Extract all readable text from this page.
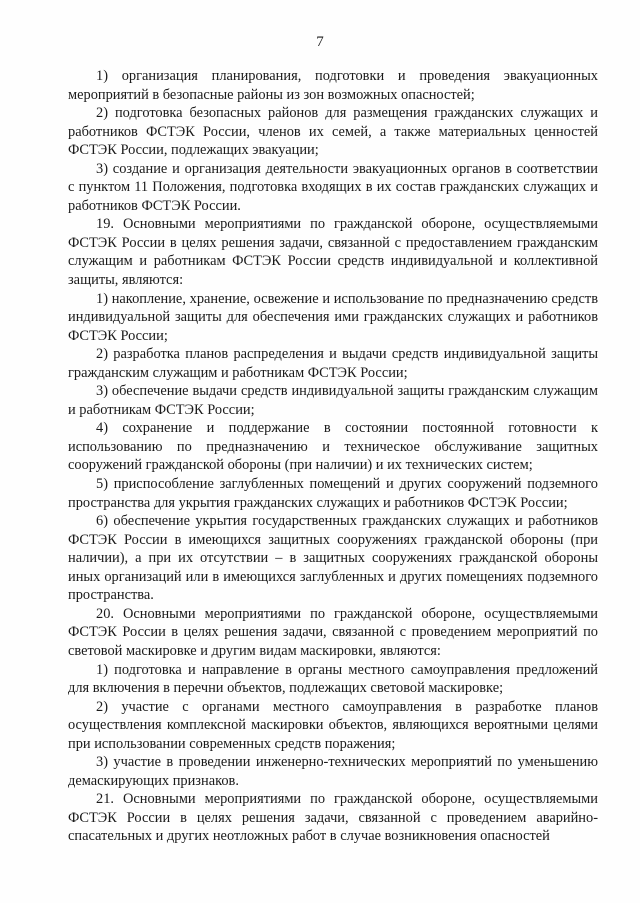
7

1) организация планирования, подготовки и проведения эвакуационных мероприятий в безопасные районы из зон возможных опасностей;

2) подготовка безопасных районов для размещения гражданских служащих и работников ФСТЭК России, членов их семей, а также материальных ценностей ФСТЭК России, подлежащих эвакуации;

3) создание и организация деятельности эвакуационных органов в соответствии с пунктом 11 Положения, подготовка входящих в их состав гражданских служащих и работников ФСТЭК России.

19. Основными мероприятиями по гражданской обороне, осуществляемыми ФСТЭК России в целях решения задачи, связанной с предоставлением гражданским служащим и работникам ФСТЭК России средств индивидуальной и коллективной защиты, являются:

1) накопление, хранение, освежение и использование по предназначению средств индивидуальной защиты для обеспечения ими гражданских служащих и работников ФСТЭК России;

2) разработка планов распределения и выдачи средств индивидуальной защиты гражданским служащим и работникам ФСТЭК России;

3) обеспечение выдачи средств индивидуальной защиты гражданским служащим и работникам ФСТЭК России;

4) сохранение и поддержание в состоянии постоянной готовности к использованию по предназначению и техническое обслуживание защитных сооружений гражданской обороны (при наличии) и их технических систем;

5) приспособление заглубленных помещений и других сооружений подземного пространства для укрытия гражданских служащих и работников ФСТЭК России;

6) обеспечение укрытия государственных гражданских служащих и работников ФСТЭК России в имеющихся защитных сооружениях гражданской обороны (при наличии), а при их отсутствии – в защитных сооружениях гражданской обороны иных организаций или в имеющихся заглубленных и других помещениях подземного пространства.

20. Основными мероприятиями по гражданской обороне, осуществляемыми ФСТЭК России в целях решения задачи, связанной с проведением мероприятий по световой маскировке и другим видам маскировки, являются:

1) подготовка и направление в органы местного самоуправления предложений для включения в перечни объектов, подлежащих световой маскировке;

2) участие с органами местного самоуправления в разработке планов осуществления комплексной маскировки объектов, являющихся вероятными целями при использовании современных средств поражения;

3) участие в проведении инженерно-технических мероприятий по уменьшению демаскирующих признаков.

21. Основными мероприятиями по гражданской обороне, осуществляемыми ФСТЭК России в целях решения задачи, связанной с проведением аварийно-спасательных и других неотложных работ в случае возникновения опасностей
